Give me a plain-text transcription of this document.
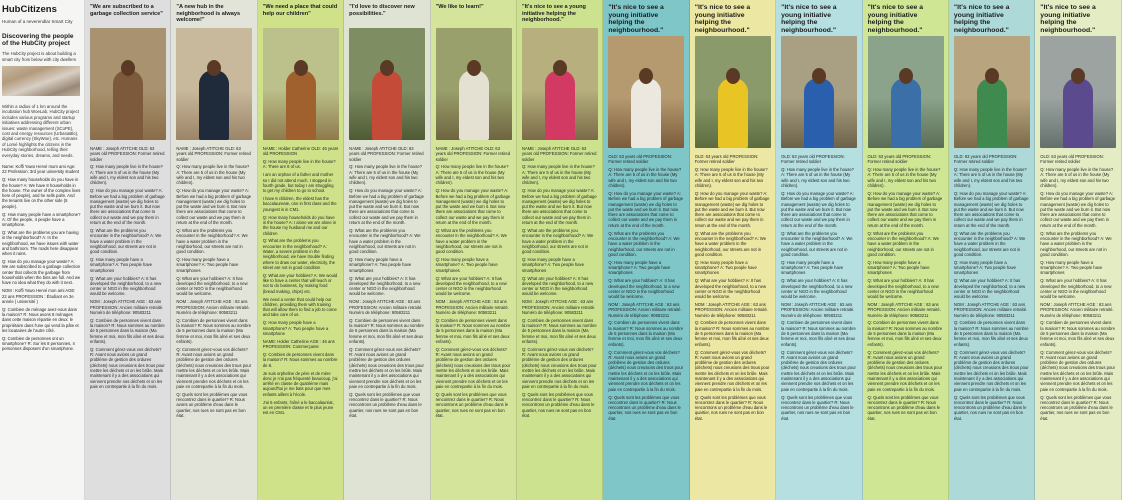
HubCitizens
Human of a neverendlar Smart City
Discovering the people of the HubCity project
The HubCity project is about building a smart city from below with city dwellers
Within a radius of 1 km around the incubation hub WoeLab, HubCity project includes various programs and startup initiatives addressing different urban issues: waste management (SCoPE), cost and energy resources (UrbanaBlo), digital currency (SkyWoe), etc. Humans of Lomé highlights the citizens in the HubCity neighborhood, telling their everyday stories, dreams, and needs.

Name: Koffi Yawo Hervé mum ami Age: 22 Profession: 3rd year university student

Q: How many households do you have in the house? A: We have 8 households in the house. The owner of the complex lives here of people), and he sells palm. And the tenants live on the other side (5 people).

Q: How many people have a smartphone? A: Of the people, 4 people have a smartphone.

Q: What are the problems you are having in the neighborhood? A: In the neighborhood, we have issues with water and bathroom. The roads here disappear when it rains.

Q: How do you manage your waste? A: We are subscribed to a garbage collection center that collects the garbage from households when the bins are full. And we have no idea what they do with it next.

NOM : Koffi Yawo Hervé mon ami AGE: 22 ans PROFESSION : Étudiant en 3e année ( université )

Q: Combien de ménage avez-vous dans la maison? R: Nous avons 8 ménages dans cette maison répartie en deux: le propriétaire dans l'une qui vend la pâte et les locataires de l'autre côté.

Q: Combien de personnes ont un smartphone? R: Sur les 8 personnes, 4 personnes disposent d'un smartphone.

"We are subscribed to a garbage collection service"

NAME : Joseph ATITCHE OLD: 63 years old PROFESSION: Former retired soldier

Q: How many people live in the house? A: There are 5 of us in the house (My wife and I, my eldest son and his two children).

Q: How do you manage your waste? A: Before we had a big problem of garbage management (waste) we dig holes to put the waste and we burn it. But now there are associations that come to collect our waste and we pay them in return at the end of the month.

Q: What are the problems you encounter in the neighborhood? A: We have a water problem in the neighborhood, our streets are not in good condition.

Q: How many people have a smartphone? A: Two people have smartphones

Q: What are your hobbies? A: It has developed the neighborhood, to a new center or NGO in the neighborhood would be welcome.

NOM : Joseph ATITCHE AGE : 63 ans PROFESSION: Ancien militaire retraité. Numéro de téléphone: 90583211

Q: Combien de personnes vivent dans la maison? R: Nous sommes au nombre de 5 personnes dans la maison (Ma femme et moi, mon fils aîné et ses deux enfants).

Q: Comment gérez-vous vos déchets? R: Avant nous avions un grand problème de gestion des ordures (déchets) nous creusions des trous pour mettre les déchets et on les brûle. Mais maintenant il y a des associations qui viennent prendre nos déchets et on les paie en contrepartie à la fin du mois.

"A new hub in the neighborhood is always welcome!"

NAME : Joseph ATITCHE OLD: 63 years old PROFESSION: Former retired soldier

Q: How many people live in the house? A: There are 5 of us in the house (My wife and I, my eldest son and his two children).

Q: How do you manage your waste? A: Before we had a big problem of garbage management (waste) we dig holes to put the waste and we burn it. But now there are associations that come to collect our waste and we pay them in return at the end of the month.

Q: What are the problems you encounter in the neighborhood? A: We have a water problem in the neighborhood, our streets are not in good condition.

Q: How many people have a smartphone? A: Two people have smartphones

Q: What are your hobbies? A: It has developed the neighborhood, to a new center or NGO in the neighborhood would be welcome.

NOM : Joseph ATITCHE AGE : 63 ans PROFESSION: Ancien militaire retraité. Numéro de téléphone: 90583211

Q: Combien de personnes vivent dans la maison? R: Nous sommes au nombre de 5 personnes dans la maison (Ma femme et moi, mon fils aîné et ses deux enfants).

Q: Comment gérez-vous vos déchets? R: Avant nous avions un grand problème de gestion des ordures (déchets) nous creusions des trous pour mettre les déchets et on les brûle. Mais maintenant il y a des associations qui viennent prendre nos déchets et on les paie en contrepartie à la fin du mois.

Q: Quels sont les problèmes que vous rencontrez dans le quartier? R: Nous avons un problème d'eau dans le quartier, nos rues ne sont pas en bon état.

"We need a place that could help our children"

NAME : Holder Catherine OLD: 46 years old PROFESSION

Q: How many people live in the house? A: There are 8 of us.

I am an orphan of a father and mother so I did not attend much. I stopped in fourth grade, but today I am struggling to get my children to go to school.

I have 6 children, the eldest has the baccalaureate, one in first class and the youngest is in CM1.

Q: How many households do you have in the house? A: I alone we are alone in the house my husband me and our children

Q: What are the problems you encounter in the neighborhood? A: Water, a severe problem in the neighborhood, we have trouble finding where to draw our water, electricity, the street are not in good condition

Q: What are your hobbies? A: We would like to have a center that will teach or not to do business, by making food (bread making, chips) etc.

We need a center that could help our children, providing them with training that will allow them to find a job to come and take care of us.

Q: How many people have a smartphone? A: Two people have a smartphone

NAME: Holder Catherine AGE : 46 ans PROFESSION: Commerçante

Q: Combien de personnes vivent dans la maison? R: Nous sommes au nombre de 8.

Je suis orpheline de père et de mère donc je n'ai pas fréquenté beaucoup, j'ai arrêté en classe de quatrième mais aujourd'hui je me bats pour que mes enfants aillent à l'école.

J'ai 6 enfants, l'aîné a le baccalauréat, un en première classe et le plus jeune est en CM1.

"I'd love to discover new possibilities."

NAME : Joseph ATITCHE OLD: 63 years old PROFESSION: Former retired soldier

Q: How many people live in the house? A: There are 5 of us in the house (My wife and I, my eldest son and his two children).

Q: How do you manage your waste? A: Before we had a big problem of garbage management (waste) we dig holes to put the waste and we burn it. But now there are associations that come to collect our waste and we pay them in return at the end of the month.

Q: What are the problems you encounter in the neighborhood? A: We have a water problem in the neighborhood, our streets are not in good condition.

Q: How many people have a smartphone? A: Two people have smartphones

Q: What are your hobbies? A: It has developed the neighborhood, to a new center or NGO in the neighborhood would be welcome.

NOM : Joseph ATITCHE AGE : 63 ans PROFESSION: Ancien militaire retraité. Numéro de téléphone: 90583211

Q: Combien de personnes vivent dans la maison? R: Nous sommes au nombre de 5 personnes dans la maison (Ma femme et moi, mon fils aîné et ses deux enfants).

Q: Comment gérez-vous vos déchets? R: Avant nous avions un grand problème de gestion des ordures (déchets) nous creusions des trous pour mettre les déchets et on les brûle. Mais maintenant il y a des associations qui viennent prendre nos déchets et on les paie en contrepartie à la fin du mois.

Q: Quels sont les problèmes que vous rencontrez dans le quartier? R: Nous rencontrons un problème d'eau dans le quartier, nos rues ne sont pas en bon état.

"We like to learn!"

NAME : Joseph ATITCHE OLD: 63 years old PROFESSION: Former retired soldier

Q: How many people live in the house? A: There are 5 of us in the house (My wife and I, my eldest son and his two children).

Q: How do you manage your waste? A: Before we had a big problem of garbage management (waste) we dig holes to put the waste and we burn it. But now there are associations that come to collect our waste and we pay them in return at the end of the month.

Q: What are the problems you encounter in the neighborhood? A: We have a water problem in the neighborhood, our streets are not in good condition.

Q: How many people have a smartphone? A: Two people have smartphones

Q: What are your hobbies? A: It has developed the neighborhood, to a new center or NGO in the neighborhood would be welcome.

NOM : Joseph ATITCHE AGE : 63 ans PROFESSION: Ancien militaire retraité. Numéro de téléphone: 90583211

Q: Combien de personnes vivent dans la maison? R: Nous sommes au nombre de 5 personnes dans la maison (Ma femme et moi, mon fils aîné et ses deux enfants).

Q: Comment gérez-vous vos déchets? R: Avant nous avions un grand problème de gestion des ordures (déchets) nous creusions des trous pour mettre les déchets et on les brûle. Mais maintenant il y a des associations qui viennent prendre nos déchets et on les paie en contrepartie à la fin du mois.

Q: Quels sont les problèmes que vous rencontrez dans le quartier? R: Nous rencontrons un problème d'eau dans le quartier, nos rues ne sont pas en bon état.

"It's nice to see a young initiative helping the neighborhood."

NAME : Joseph ATITCHE OLD: 63 years old PROFESSION: Former retired soldier

Q: How many people live in the house? A: There are 5 of us in the house (My wife and I, my eldest son and his two children).

Q: How do you manage your waste? A: Before we had a big problem of garbage management (waste) we dig holes to put the waste and we burn it. But now there are associations that come to collect our waste and we pay them in return at the end of the month.

Q: What are the problems you encounter in the neighborhood? A: We have a water problem in the neighborhood, our streets are not in good condition.

Q: How many people have a smartphone? A: Two people have smartphones

Q: What are your hobbies? A: It has developed the neighborhood, to a new center or NGO in the neighborhood would be welcome.

NOM : Joseph ATITCHE AGE : 63 ans PROFESSION: Ancien militaire retraité. Numéro de téléphone: 90583211

Q: Combien de personnes vivent dans la maison? R: Nous sommes au nombre de 5 personnes dans la maison (Ma femme et moi, mon fils aîné et ses deux enfants).

Q: Comment gérez-vous vos déchets? R: Avant nous avions un grand problème de gestion des ordures (déchets) nous creusions des trous pour mettre les déchets et on les brûle. Mais maintenant il y a des associations qui viennent prendre nos déchets et on les paie en contrepartie à la fin du mois.

Q: Quels sont les problèmes que vous rencontrez dans le quartier? R: Nous rencontrons un problème d'eau dans le quartier, nos rues ne sont pas en bon état.

"It's nice to see a young initiative helping the neighbourhood."

OLD: 63 years old PROFESSION: Former retired soldier

Q: How many people live in the house? A: There are 5 of us in the house (My wife and I, my eldest son and his two children).

Q: How do you manage your waste? A: Before we had a big problem of garbage management (waste) we dig holes to put the waste and we burn it. But now there are associations that come to collect our waste and we pay them in return at the end of the month.

Q: What are the problems you encounter in the neighborhood? A: We have a water problem in the neighborhood, our streets are not in good condition.

Q: How many people have a smartphone? A: Two people have smartphones

Q: What are your hobbies? A: It has developed the neighborhood, to a new center or NGO in the neighborhood would be welcome.

NOM : Joseph ATITCHE AGE : 63 ans PROFESSION: Ancien militaire retraité. Numéro de téléphone: 90583211

Q: Combien de personnes vivent dans la maison? R: Nous sommes au nombre de 5 personnes dans la maison (Ma femme et moi, mon fils aîné et ses deux enfants).

Q: Comment gérez-vous vos déchets? R: Avant nous avions un grand problème de gestion des ordures (déchets) nous creusions des trous pour mettre les déchets et on les brûle. Mais maintenant il y a des associations qui viennent prendre nos déchets et on les paie en contrepartie à la fin du mois.

Q: Quels sont les problèmes que vous rencontrez dans le quartier? R: Nous rencontrons un problème d'eau dans le quartier, nos rues ne sont pas en bon état.

"It's nice to see a young initiative helping the neighbourhood."

OLD: 63 years old PROFESSION: Former retired soldier

Q: How many people live in the house? A: There are 5 of us in the house (My wife and I, my eldest son and his two children).

Q: How do you manage your waste? A: Before we had a big problem of garbage management (waste) we dig holes to put the waste and we burn it. But now there are associations that come to collect our waste and we pay them in return at the end of the month.

Q: What are the problems you encounter in the neighborhood? A: We have a water problem in the neighborhood, our streets are not in good condition.

Q: How many people have a smartphone? A: Two people have smartphones

Q: What are your hobbies? A: It has developed the neighborhood, to a new center or NGO in the neighborhood would be welcome.

NOM : Joseph ATITCHE AGE : 63 ans PROFESSION: Ancien militaire retraité. Numéro de téléphone: 90583211

Q: Combien de personnes vivent dans la maison? R: Nous sommes au nombre de 5 personnes dans la maison (Ma femme et moi, mon fils aîné et ses deux enfants).

Q: Comment gérez-vous vos déchets? R: Avant nous avions un grand problème de gestion des ordures (déchets) nous creusions des trous pour mettre les déchets et on les brûle. Mais maintenant il y a des associations qui viennent prendre nos déchets et on les paie en contrepartie à la fin du mois.

Q: Quels sont les problèmes que vous rencontrez dans le quartier? R: Nous rencontrons un problème d'eau dans le quartier, nos rues ne sont pas en bon état.

"It's nice to see a young initiative helping the neighbourhood."

OLD: 63 years old PROFESSION: Former retired soldier

Q: How many people live in the house? A: There are 5 of us in the house (My wife and I, my eldest son and his two children).

Q: How do you manage your waste? A: Before we had a big problem of garbage management (waste) we dig holes to put the waste and we burn it. But now there are associations that come to collect our waste and we pay them in return at the end of the month.

Q: What are the problems you encounter in the neighborhood? A: We have a water problem in the neighborhood, our streets are not in good condition.

Q: How many people have a smartphone? A: Two people have smartphones

Q: What are your hobbies? A: It has developed the neighborhood, to a new center or NGO in the neighborhood would be welcome.

NOM : Joseph ATITCHE AGE : 63 ans PROFESSION: Ancien militaire retraité. Numéro de téléphone: 90583211

Q: Combien de personnes vivent dans la maison? R: Nous sommes au nombre de 5 personnes dans la maison (Ma femme et moi, mon fils aîné et ses deux enfants).

Q: Comment gérez-vous vos déchets? R: Avant nous avions un grand problème de gestion des ordures (déchets) nous creusions des trous pour mettre les déchets et on les brûle. Mais maintenant il y a des associations qui viennent prendre nos déchets et on les paie en contrepartie à la fin du mois.

Q: Quels sont les problèmes que vous rencontrez dans le quartier? R: Nous rencontrons un problème d'eau dans le quartier, nos rues ne sont pas en bon état.

"It's nice to see a young initiative helping the neighbourhood."

OLD: 63 years old PROFESSION: Former retired soldier

Q: How many people live in the house? A: There are 5 of us in the house (My wife and I, my eldest son and his two children).

Q: How do you manage your waste? A: Before we had a big problem of garbage management (waste) we dig holes to put the waste and we burn it. But now there are associations that come to collect our waste and we pay them in return at the end of the month.

Q: What are the problems you encounter in the neighborhood? A: We have a water problem in the neighborhood, our streets are not in good condition.

Q: How many people have a smartphone? A: Two people have smartphones

Q: What are your hobbies? A: It has developed the neighborhood, to a new center or NGO in the neighborhood would be welcome.

NOM : Joseph ATITCHE AGE : 63 ans PROFESSION: Ancien militaire retraité. Numéro de téléphone: 90583211

Q: Combien de personnes vivent dans la maison? R: Nous sommes au nombre de 5 personnes dans la maison (Ma femme et moi, mon fils aîné et ses deux enfants).

Q: Comment gérez-vous vos déchets? R: Avant nous avions un grand problème de gestion des ordures (déchets) nous creusions des trous pour mettre les déchets et on les brûle. Mais maintenant il y a des associations qui viennent prendre nos déchets et on les paie en contrepartie à la fin du mois.

Q: Quels sont les problèmes que vous rencontrez dans le quartier? R: Nous rencontrons un problème d'eau dans le quartier, nos rues ne sont pas en bon état.

"It's nice to see a young initiative helping the neighbourhood."

OLD: 63 years old PROFESSION: Former retired soldier

Q: How many people live in the house? A: There are 5 of us in the house (My wife and I, my eldest son and his two children).

Q: How do you manage your waste? A: Before we had a big problem of garbage management (waste) we dig holes to put the waste and we burn it. But now there are associations that come to collect our waste and we pay them in return at the end of the month.

Q: What are the problems you encounter in the neighborhood? A: We have a water problem in the neighborhood, our streets are not in good condition.

Q: How many people have a smartphone? A: Two people have smartphones

Q: What are your hobbies? A: It has developed the neighborhood, to a new center or NGO in the neighborhood would be welcome.

NOM : Joseph ATITCHE AGE : 63 ans PROFESSION: Ancien militaire retraité. Numéro de téléphone: 90583211

Q: Combien de personnes vivent dans la maison? R: Nous sommes au nombre de 5 personnes dans la maison (Ma femme et moi, mon fils aîné et ses deux enfants).

Q: Comment gérez-vous vos déchets? R: Avant nous avions un grand problème de gestion des ordures (déchets) nous creusions des trous pour mettre les déchets et on les brûle. Mais maintenant il y a des associations qui viennent prendre nos déchets et on les paie en contrepartie à la fin du mois.

Q: Quels sont les problèmes que vous rencontrez dans le quartier? R: Nous rencontrons un problème d'eau dans le quartier, nos rues ne sont pas en bon état.

"It's nice to see a young initiative helping the neighbourhood."

OLD: 63 years old PROFESSION: Former retired soldier

Q: How many people live in the house? A: There are 5 of us in the house (My wife and I, my eldest son and his two children).

Q: How do you manage your waste? A: Before we had a big problem of garbage management (waste) we dig holes to put the waste and we burn it. But now there are associations that come to collect our waste and we pay them in return at the end of the month.

Q: What are the problems you encounter in the neighborhood? A: We have a water problem in the neighborhood, our streets are not in good condition.

Q: How many people have a smartphone? A: Two people have smartphones

Q: What are your hobbies? A: It has developed the neighborhood, to a new center or NGO in the neighborhood would be welcome.

NOM : Joseph ATITCHE AGE : 63 ans PROFESSION: Ancien militaire retraité. Numéro de téléphone: 90583211

Q: Combien de personnes vivent dans la maison? R: Nous sommes au nombre de 5 personnes dans la maison (Ma femme et moi, mon fils aîné et ses deux enfants).

Q: Comment gérez-vous vos déchets? R: Avant nous avions un grand problème de gestion des ordures (déchets) nous creusions des trous pour mettre les déchets et on les brûle. Mais maintenant il y a des associations qui viennent prendre nos déchets et on les paie en contrepartie à la fin du mois.

Q: Quels sont les problèmes que vous rencontrez dans le quartier? R: Nous rencontrons un problème d'eau dans le quartier, nos rues ne sont pas en bon état.
